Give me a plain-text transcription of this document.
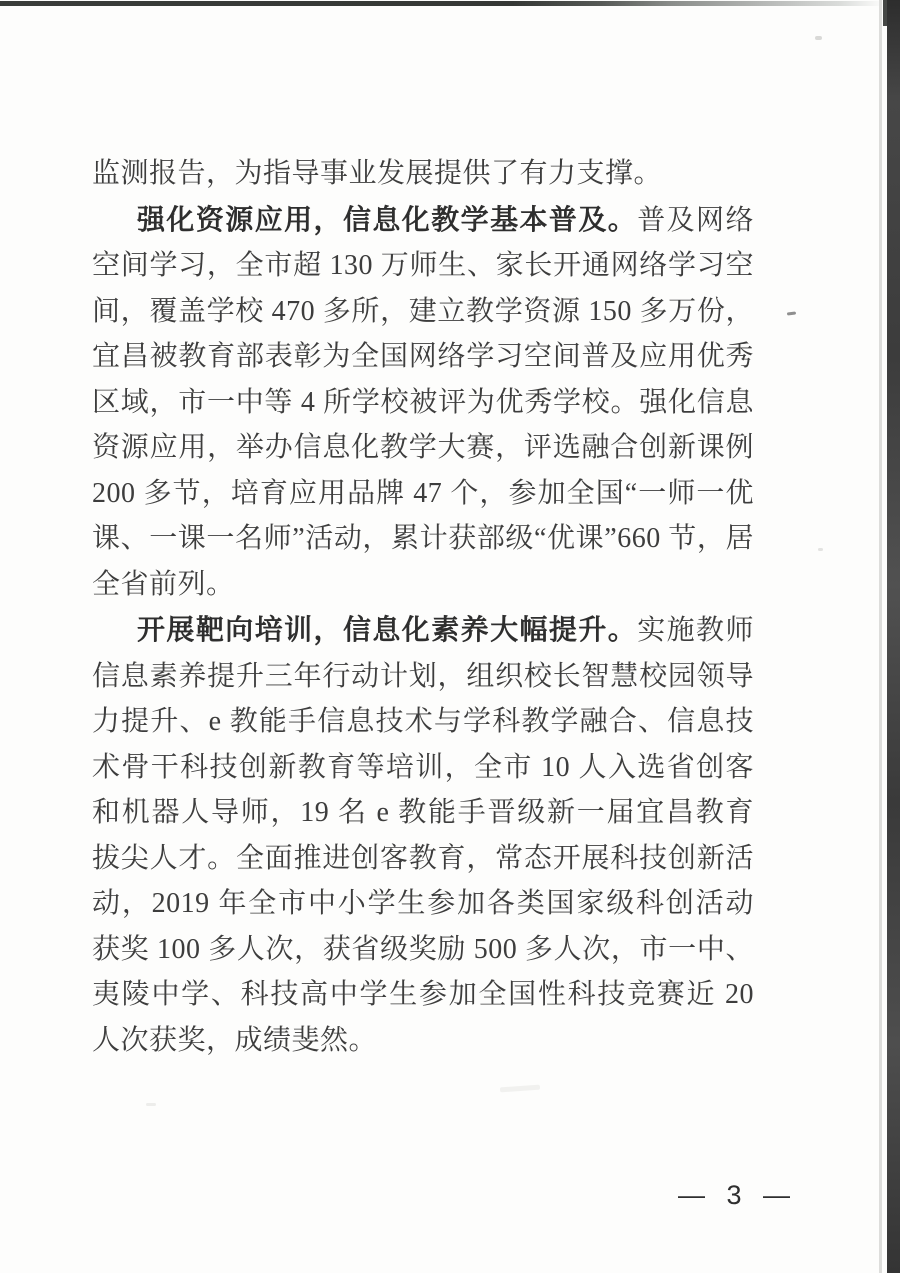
监测报告，为指导事业发展提供了有力支撑。

强化资源应用，信息化教学基本普及。普及网络空间学习，全市超 130 万师生、家长开通网络学习空间，覆盖学校 470 多所，建立教学资源 150 多万份，宜昌被教育部表彰为全国网络学习空间普及应用优秀区域，市一中等 4 所学校被评为优秀学校。强化信息资源应用，举办信息化教学大赛，评选融合创新课例 200 多节，培育应用品牌 47 个，参加全国“一师一优课、一课一名师”活动，累计获部级“优课”660 节，居全省前列。

开展靶向培训，信息化素养大幅提升。实施教师信息素养提升三年行动计划，组织校长智慧校园领导力提升、e 教能手信息技术与学科教学融合、信息技术骨干科技创新教育等培训，全市 10 人入选省创客和机器人导师，19 名 e 教能手晋级新一届宜昌教育拔尖人才。全面推进创客教育，常态开展科技创新活动，2019 年全市中小学生参加各类国家级科创活动获奖 100 多人次，获省级奖励 500 多人次，市一中、夷陵中学、科技高中学生参加全国性科技竞赛近 20 人次获奖，成绩斐然。

— 3 —
